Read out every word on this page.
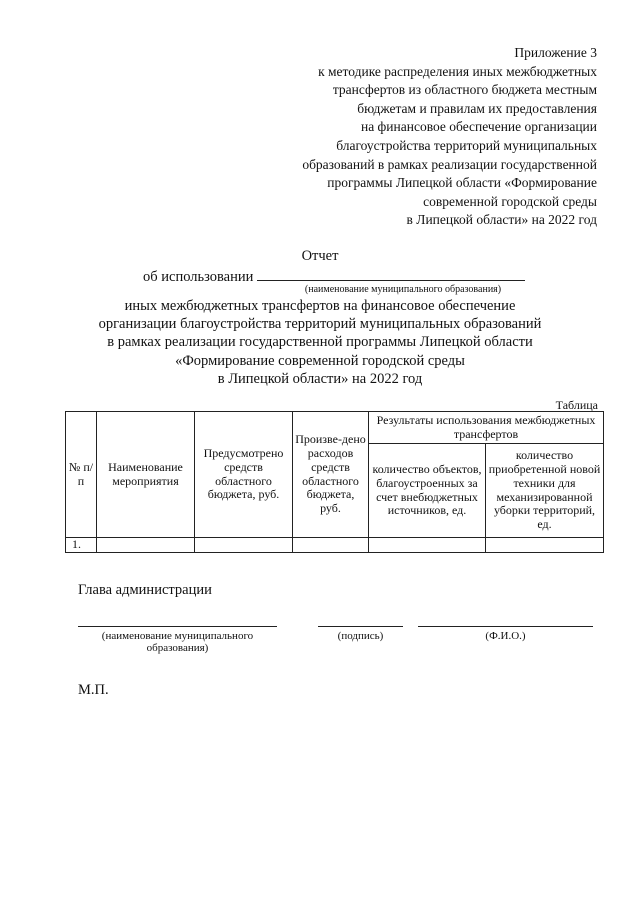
Приложение 3
к методике распределения иных межбюджетных
трансфертов из областного бюджета местным
бюджетам и правилам их предоставления
на финансовое обеспечение организации
благоустройства территорий муниципальных
образований в рамках реализации государственной
программы Липецкой области «Формирование
современной городской среды
в Липецкой области» на 2022 год
Отчет
об использовании
(наименование муниципального образования)
иных межбюджетных трансфертов на финансовое обеспечение
организации благоустройства территорий муниципальных образований
в рамках реализации государственной программы Липецкой области
«Формирование современной городской среды
в Липецкой области» на 2022 год
Таблица
№ п/п	Наименование мероприятия	Предусмотрено средств областного бюджета, руб.	Произве-дено расходов средств областного бюджета, руб.	Результаты использования межбюджетных трансфертов	
				количество объектов, благоустроенных за счет внебюджетных источников, ед.	количество приобретенной новой техники для механизированной уборки территорий, ед.
1.					
Глава администрации
(наименование муниципального
образования)
(подпись)	(Ф.И.О.)
М.П.
